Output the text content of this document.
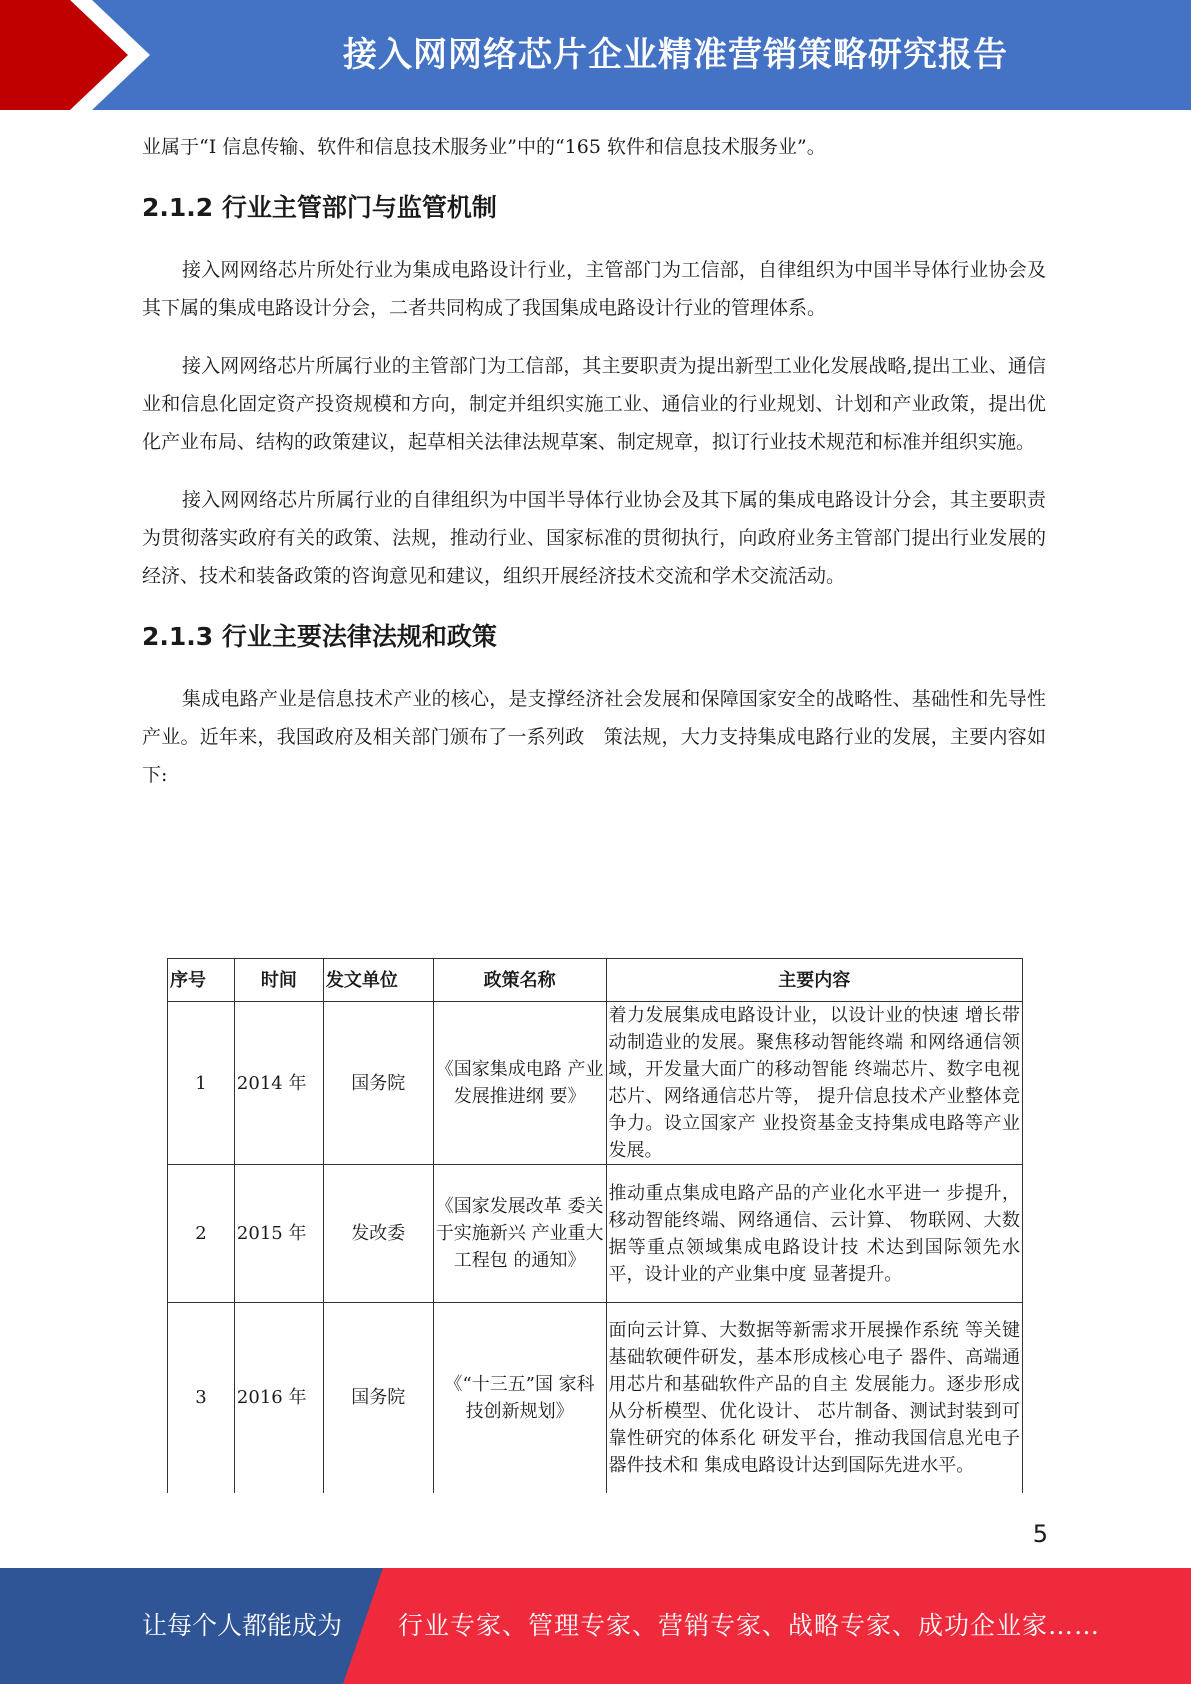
接入网网络芯片企业精准营销策略研究报告

业属于“I 信息传输、软件和信息技术服务业”中的“165 软件和信息技术服务业”。

2.1.2 行业主管部门与监管机制

接入网网络芯片所处行业为集成电路设计行业，主管部门为工信部，自律组织为中国半导体行业协会及其下属的集成电路设计分会，二者共同构成了我国集成电路设计行业的管理体系。

接入网网络芯片所属行业的主管部门为工信部，其主要职责为提出新型工业化发展战略,提出工业、通信业和信息化固定资产投资规模和方向，制定并组织实施工业、通信业的行业规划、计划和产业政策，提出优化产业布局、结构的政策建议，起草相关法律法规草案、制定规章，拟订行业技术规范和标准并组织实施。

接入网网络芯片所属行业的自律组织为中国半导体行业协会及其下属的集成电路设计分会，其主要职责为贯彻落实政府有关的政策、法规，推动行业、国家标准的贯彻执行，向政府业务主管部门提出行业发展的经济、技术和装备政策的咨询意见和建议，组织开展经济技术交流和学术交流活动。

2.1.3 行业主要法律法规和政策

集成电路产业是信息技术产业的核心，是支撑经济社会发展和保障国家安全的战略性、基础性和先导性产业。近年来，我国政府及相关部门颁布了一系列政　策法规，大力支持集成电路行业的发展，主要内容如下:

序号	时间	发文单位	政策名称	主要内容
1	2014 年	国务院	《国家集成电路 产业发展推进纲 要》	着力发展集成电路设计业，以设计业的快速 增长带动制造业的发展。聚焦移动智能终端 和网络通信领域，开发量大面广的移动智能 终端芯片、数字电视芯片、网络通信芯片等， 提升信息技术产业整体竞争力。设立国家产 业投资基金支持集成电路等产业发展。
2	2015 年	发改委	《国家发展改革 委关于实施新兴 产业重大工程包 的通知》	推动重点集成电路产品的产业化水平进一 步提升，移动智能终端、网络通信、云计算、 物联网、大数据等重点领域集成电路设计技 术达到国际领先水平，设计业的产业集中度 显著提升。
3	2016 年	国务院	《“十三五”国 家科技创新规划》	面向云计算、大数据等新需求开展操作系统 等关键基础软硬件研发，基本形成核心电子 器件、高端通用芯片和基础软件产品的自主 发展能力。逐步形成从分析模型、优化设计、 芯片制备、测试封装到可靠性研究的体系化 研发平台，推动我国信息光电子器件技术和 集成电路设计达到国际先进水平。
5
让每个人都能成为 行业专家、管理专家、营销专家、战略专家、成功企业家……
